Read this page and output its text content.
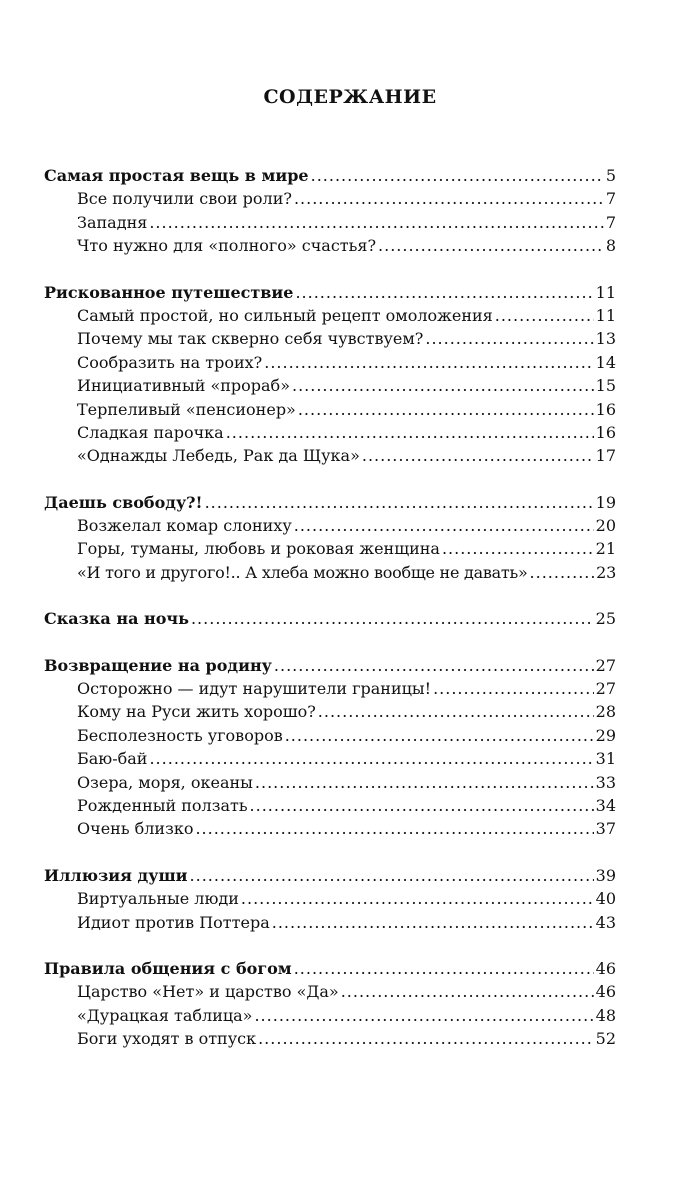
СОДЕРЖАНИЕ
Самая простая вещь в мире .....	5
Все получили свои роли? .....	7
Западня .....	7
Что нужно для «полного» счастья? .....	8
Рискованное путешествие .....	11
Самый простой, но сильный рецепт омоложения .....	11
Почему мы так скверно себя чувствуем? .....	13
Сообразить на троих? .....	14
Инициативный «прораб» .....	15
Терпеливый «пенсионер» .....	16
Сладкая парочка .....	16
«Однажды Лебедь, Рак да Щука» .....	17
Даешь свободу?! .....	19
Возжелал комар слониху .....	20
Горы, туманы, любовь и роковая женщина .....	21
«И того и другого!.. А хлеба можно вообще не давать» .....	23
Сказка на ночь .....	25
Возвращение на родину .....	27
Осторожно — идут нарушители границы! .....	27
Кому на Руси жить хорошо? .....	28
Бесполезность уговоров .....	29
Баю-бай .....	31
Озера, моря, океаны .....	33
Рожденный ползать .....	34
Очень близко .....	37
Иллюзия души .....	39
Виртуальные люди .....	40
Идиот против Поттера .....	43
Правила общения с богом .....	46
Царство «Нет» и царство «Да» .....	46
«Дурацкая таблица» .....	48
Боги уходят в отпуск .....	52
